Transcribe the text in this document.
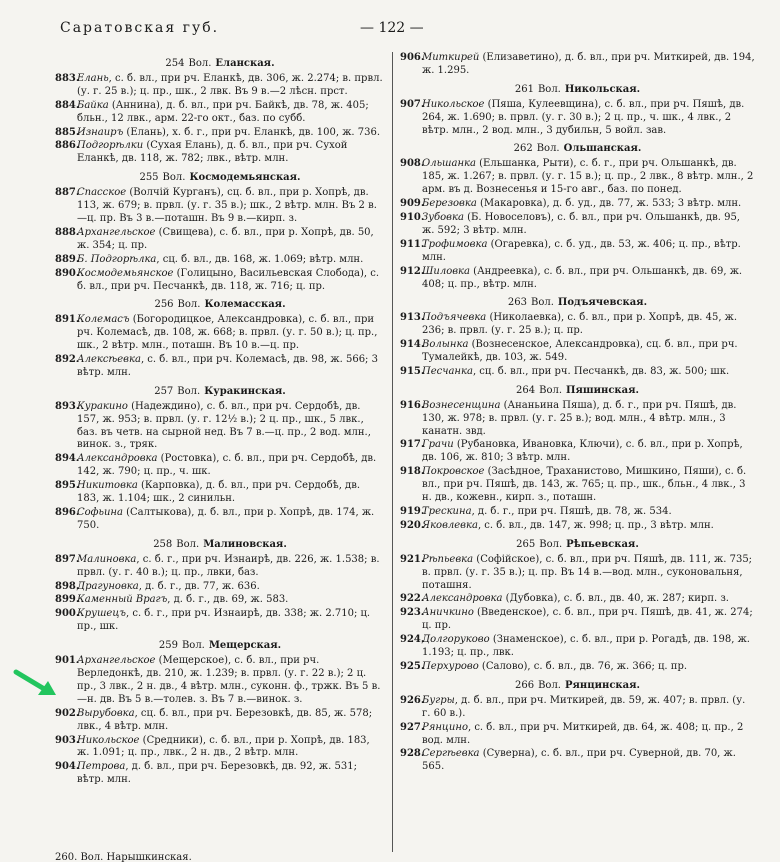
Саратовская губ.	— 122 —
254 Вол. Еланская.
883.
Елань, с. б. вл., при рч. Еланкѣ, дв. 306, ж. 2.274; в. првл. (у. г. 25 в.); ц. пр., шк., 2 лвк. Въ 9 в.—2 лѣсн. прст.
884.
Байка (Аннина), д. б. вл., при рч. Байкѣ, дв. 78, ж. 405; бльн., 12 лвк., арм. 22-го окт., баз. по субб.
885.
Изнаиръ (Елань), х. б. г., при рч. Еланкѣ, дв. 100, ж. 736.
886.
Подгорѣлки (Сухая Елань), д. б. вл., при рч. Сухой Еланкѣ, дв. 118, ж. 782; лвк., вѣтр. млн.
255 Вол. Космодемьянская.
887.
Спасское (Волчій Курганъ), сц. б. вл., при р. Хопрѣ, дв. 113, ж. 679; в. првл. (у. г. 35 в.); шк., 2 вѣтр. млн. Въ 2 в.—ц. пр. Въ 3 в.—поташн. Въ 9 в.—кирп. з.
888.
Архангельское (Свищева), с. б. вл., при р. Хопрѣ, дв. 50, ж. 354; ц. пр.
889.
Б. Подгорѣлка, сц. б. вл., дв. 168, ж. 1.069; вѣтр. млн.
890.
Космодемьянское (Голицыно, Васильевская Слобода), с. б. вл., при рч. Песчанкѣ, дв. 118, ж. 716; ц. пр.
256 Вол. Колемасская.
891.
Колемасъ (Богородицкое, Александровка), с. б. вл., при рч. Колемасѣ, дв. 108, ж. 668; в. првл. (у. г. 50 в.); ц. пр., шк., 2 вѣтр. млн., поташн. Въ 10 в.—ц. пр.
892.
Алексѣевка, с. б. вл., при рч. Колемасѣ, дв. 98, ж. 566; 3 вѣтр. млн.
257 Вол. Куракинская.
893.
Куракино (Надеждино), с. б. вл., при рч. Сердобѣ, дв. 157, ж. 953; в. првл. (у. г. 12½ в.); 2 ц. пр., шк., 5 лвк., баз. въ четв. на сырной нед. Въ 7 в.—ц. пр., 2 вод. млн., винок. з., тряк.
894.
Александровка (Ростовка), с. б. вл., при рч. Сердобѣ, дв. 142, ж. 790; ц. пр., ч. шк.
895.
Никитовка (Карповка), д. б. вл., при рч. Сердобѣ, дв. 183, ж. 1.104; шк., 2 синильн.
896.
Софьина (Салтыкова), д. б. вл., при р. Хопрѣ, дв. 174, ж. 750.
258 Вол. Малиновская.
897.
Малиновка, с. б. г., при рч. Изнаирѣ, дв. 226, ж. 1.538; в. првл. (у. г. 40 в.); ц. пр., лвки, баз.
898.
Драгуновка, д. б. г., дв. 77, ж. 636.
899.
Каменный Врагъ, д. б. г., дв. 69, ж. 583.
900.
Крушецъ, с. б. г., при рч. Изнаирѣ, дв. 338; ж. 2.710; ц. пр., шк.
259 Вол. Мещерская.
901.
Архангельское (Мещерское), с. б. вл., при рч. Верледонкѣ, дв. 210, ж. 1.239; в. првл. (у. г. 22 в.); 2 ц. пр., 3 лвк., 2 н. дв., 4 вѣтр. млн., суконн. ф., тржк. Въ 5 в.—н. дв. Въ 5 в.—толев. з. Въ 7 в.—винок. з.
902.
Вырубовка, сц. б. вл., при рч. Березовкѣ, дв. 85, ж. 578; лвк., 4 вѣтр. млн.
903.
Никольское (Средники), с. б. вл., при р. Хопрѣ, дв. 183, ж. 1.091; ц. пр., лвк., 2 н. дв., 2 вѣтр. млн.
904.
Петрова, д. б. вл., при рч. Березовкѣ, дв. 92, ж. 531; вѣтр. млн.
906.
Миткирей (Елизаветино), д. б. вл., при рч. Миткирей, дв. 194, ж. 1.295.
261 Вол. Никольская.
907.
Никольское (Пяша, Кулеевщина), с. б. вл., при рч. Пяшѣ, дв. 264, ж. 1.690; в. првл. (у. г. 30 в.); 2 ц. пр., ч. шк., 4 лвк., 2 вѣтр. млн., 2 вод. млн., 3 дубильн, 5 войл. зав.
262 Вол. Ольшанская.
908.
Ольшанка (Ельшанка, Рыти), с. б. г., при рч. Ольшанкѣ, дв. 185, ж. 1.267; в. првл. (у. г. 15 в.); ц. пр., 2 лвк., 8 вѣтр. млн., 2 арм. въ д. Вознесенья и 15-го авг., баз. по понед.
909.
Березовка (Макаровка), д. б. уд., дв. 77, ж. 533; 3 вѣтр. млн.
910.
Зубовка (Б. Новоселовъ), с. б. вл., при рч. Ольшанкѣ, дв. 95, ж. 592; 3 вѣтр. млн.
911.
Трофимовка (Огаревка), с. б. уд., дв. 53, ж. 406; ц. пр., вѣтр. млн.
912.
Шиловка (Андреевка), с. б. вл., при рч. Ольшанкѣ, дв. 69, ж. 408; ц. пр., вѣтр. млн.
263 Вол. Подъячевская.
913.
Подъячевка (Николаевка), с. б. вл., при р. Хопрѣ, дв. 45, ж. 236; в. првл. (у. г. 25 в.); ц. пр.
914.
Волынка (Вознесенское, Александровка), сц. б. вл., при рч. Тумалейкѣ, дв. 103, ж. 549.
915.
Песчанка, сц. б. вл., при рч. Песчанкѣ, дв. 83, ж. 500; шк.
264 Вол. Пяшинская.
916.
Вознесенщина (Ананьина Пяша), д. б. г., при рч. Пяшѣ, дв. 130, ж. 978; в. првл. (у. г. 25 в.); вод. млн., 4 вѣтр. млн., 3 канатн. звд.
917.
Грачи (Рубановка, Ивановка, Ключи), с. б. вл., при р. Хопрѣ, дв. 106, ж. 810; 3 вѣтр. млн.
918.
Покровское (Засѣдное, Траханистово, Мишкино, Пяши), с. б. вл., при рч. Пяшѣ, дв. 143, ж. 765; ц. пр., шк., бльн., 4 лвк., 3 н. дв., кожевн., кирп. з., поташн.
919.
Трескина, д. б. г., при рч. Пяшѣ, дв. 78, ж. 534.
920.
Яковлевка, с. б. вл., дв. 147, ж. 998; ц. пр., 3 вѣтр. млн.
265 Вол. Рѣпьевская.
921.
Рѣпьевка (Софійское), с. б. вл., при рч. Пяшѣ, дв. 111, ж. 735; в. првл. (у. г. 35 в.); ц. пр. Въ 14 в.—вод. млн., суконовальня, поташня.
922.
Александровка (Дубовка), с. б. вл., дв. 40, ж. 287; кирп. з.
923.
Аничкино (Введенское), с. б. вл., при рч. Пяшѣ, дв. 41, ж. 274; ц. пр.
924.
Долгоруково (Знаменское), с. б. вл., при р. Рогадѣ, дв. 198, ж. 1.193; ц. пр., лвк.
925.
Перхурово (Салово), с. б. вл., дв. 76, ж. 366; ц. пр.
266 Вол. Рянцинская.
926.
Бугры, д. б. вл., при рч. Миткирей, дв. 59, ж. 407; в. првл. (у. г. 60 в.).
927.
Рянцино, с. б. вл., при рч. Миткирей, дв. 64, ж. 408; ц. пр., 2 вод. млн.
928.
Сергѣевка (Суверна), с. б. вл., при рч. Суверной, дв. 70, ж. 565.
260. Вол. Нарышкинская.
